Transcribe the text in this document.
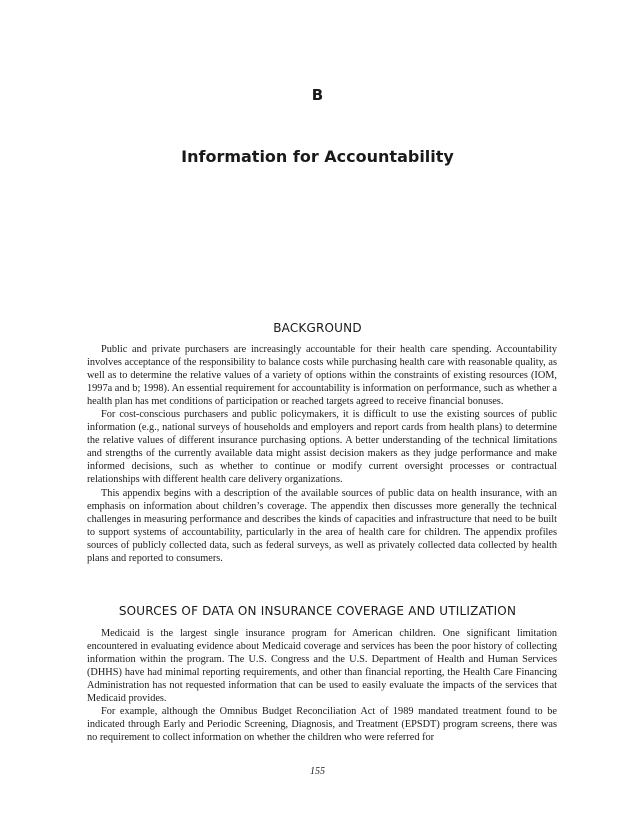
B
Information for Accountability
BACKGROUND

Public and private purchasers are increasingly accountable for their health care spending. Accountability involves acceptance of the responsibility to balance costs while purchasing health care with reasonable quality, as well as to determine the relative values of a variety of options within the constraints of existing resources (IOM, 1997a and b; 1998). An essential requirement for accountability is information on performance, such as whether a health plan has met conditions of participation or reached targets agreed to receive financial bonuses.

For cost-conscious purchasers and public policymakers, it is difficult to use the existing sources of public information (e.g., national surveys of households and employers and report cards from health plans) to determine the relative values of different insurance purchasing options. A better understanding of the technical limitations and strengths of the currently available data might assist decision makers as they judge performance and make informed decisions, such as whether to continue or modify current oversight processes or contractual relationships with different health care delivery organizations.

This appendix begins with a description of the available sources of public data on health insurance, with an emphasis on information about children’s coverage. The appendix then discusses more generally the technical challenges in measuring performance and describes the kinds of capacities and infrastructure that need to be built to support systems of accountability, particularly in the area of health care for children. The appendix profiles sources of publicly collected data, such as federal surveys, as well as privately collected data collected by health plans and reported to consumers.

SOURCES OF DATA ON INSURANCE COVERAGE AND UTILIZATION

Medicaid is the largest single insurance program for American children. One significant limitation encountered in evaluating evidence about Medicaid coverage and services has been the poor history of collecting information within the program. The U.S. Congress and the U.S. Department of Health and Human Services (DHHS) have had minimal reporting requirements, and other than financial reporting, the Health Care Financing Administration has not requested information that can be used to easily evaluate the impacts of the services that Medicaid provides.

For example, although the Omnibus Budget Reconciliation Act of 1989 mandated treatment found to be indicated through Early and Periodic Screening, Diagnosis, and Treatment (EPSDT) program screens, there was no requirement to collect information on whether the children who were referred for

155
